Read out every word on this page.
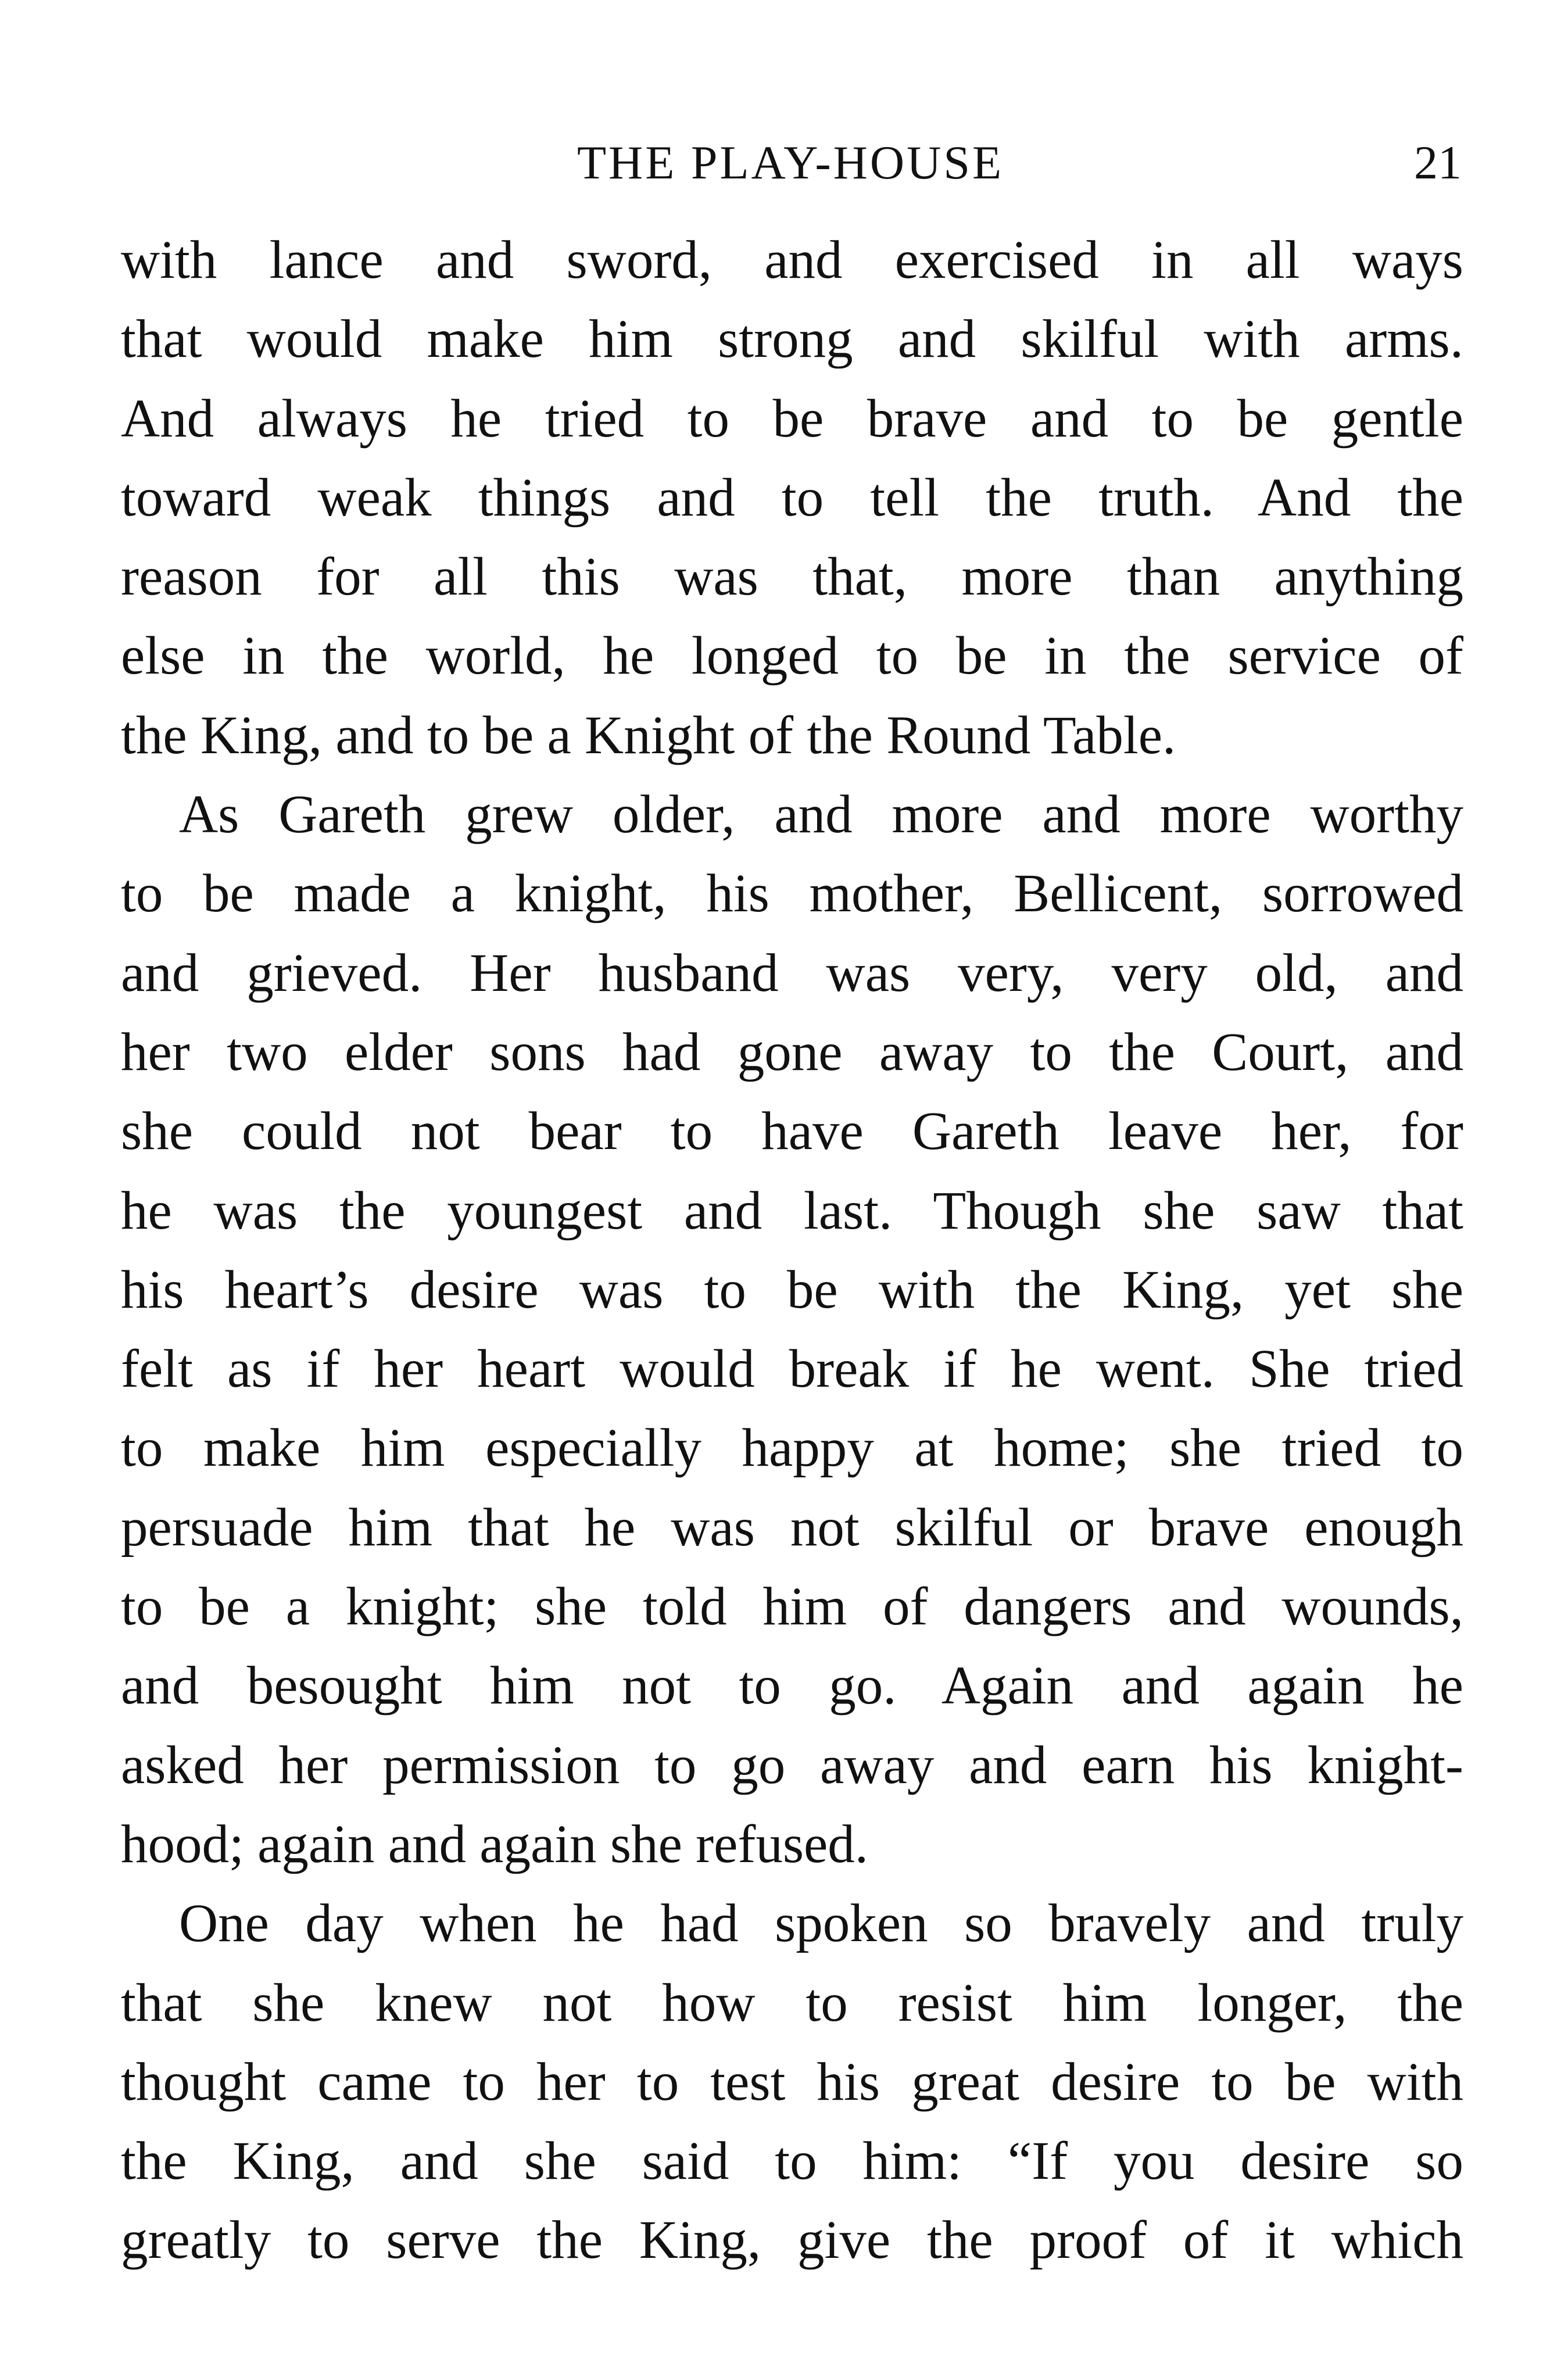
THE PLAY-HOUSE	21
with lance and sword, and exercised in all ways
that would make him strong and skilful with arms.
And always he tried to be brave and to be gentle
toward weak things and to tell the truth. And the
reason for all this was that, more than anything
else in the world, he longed to be in the service of
the King, and to be a Knight of the Round Table.
As Gareth grew older, and more and more worthy
to be made a knight, his mother, Bellicent, sorrowed
and grieved. Her husband was very, very old, and
her two elder sons had gone away to the Court, and
she could not bear to have Gareth leave her, for
he was the youngest and last. Though she saw that
his heart’s desire was to be with the King, yet she
felt as if her heart would break if he went. She tried
to make him especially happy at home; she tried to
persuade him that he was not skilful or brave enough
to be a knight; she told him of dangers and wounds,
and besought him not to go. Again and again he
asked her permission to go away and earn his knight-
hood; again and again she refused.
One day when he had spoken so bravely and truly
that she knew not how to resist him longer, the
thought came to her to test his great desire to be with
the King, and she said to him: “If you desire so
greatly to serve the King, give the proof of it which
